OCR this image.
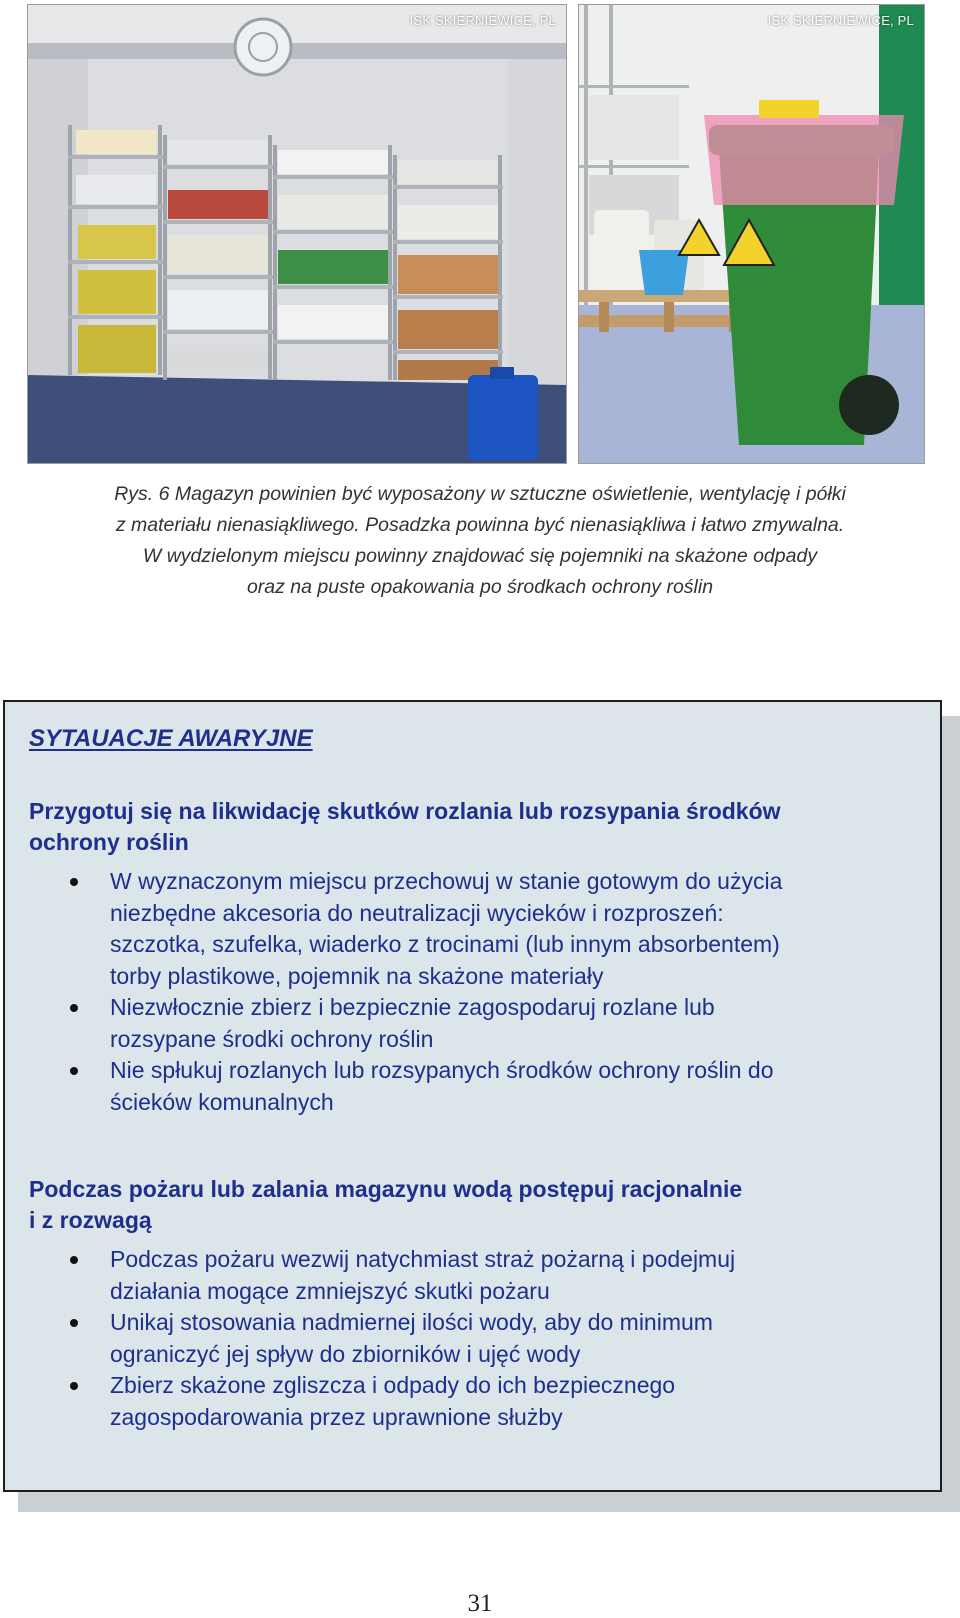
ISK SKIERNIEWICE, PL	ISK SKIERNIEWICE, PL
Rys. 6 Magazyn powinien być wyposażony w sztuczne oświetlenie, wentylację i półki
z materiału nienasiąkliwego. Posadzka powinna być nienasiąkliwa i łatwo zmywalna.
W wydzielonym miejscu powinny znajdować się pojemniki na skażone odpady
oraz na puste opakowania po środkach ochrony roślin
SYTAUACJE AWARYJNE
Przygotuj się na likwidację skutków rozlania lub rozsypania środków
ochrony roślin
W wyznaczonym miejscu przechowuj w stanie gotowym do użycia
niezbędne akcesoria do neutralizacji wycieków i rozproszeń:
szczotka, szufelka, wiaderko z trocinami (lub innym absorbentem)
torby plastikowe, pojemnik na skażone materiały
Niezwłocznie zbierz i bezpiecznie zagospodaruj rozlane lub
rozsypane środki ochrony roślin
Nie spłukuj rozlanych lub rozsypanych środków ochrony roślin do
ścieków komunalnych
Podczas pożaru lub zalania magazynu wodą postępuj racjonalnie
i z rozwagą
Podczas pożaru wezwij natychmiast straż pożarną i podejmuj
działania mogące zmniejszyć skutki pożaru
Unikaj stosowania nadmiernej ilości wody, aby do minimum
ograniczyć jej spływ do zbiorników i ujęć wody
Zbierz skażone zgliszcza i odpady do ich bezpiecznego
zagospodarowania przez uprawnione służby
31
